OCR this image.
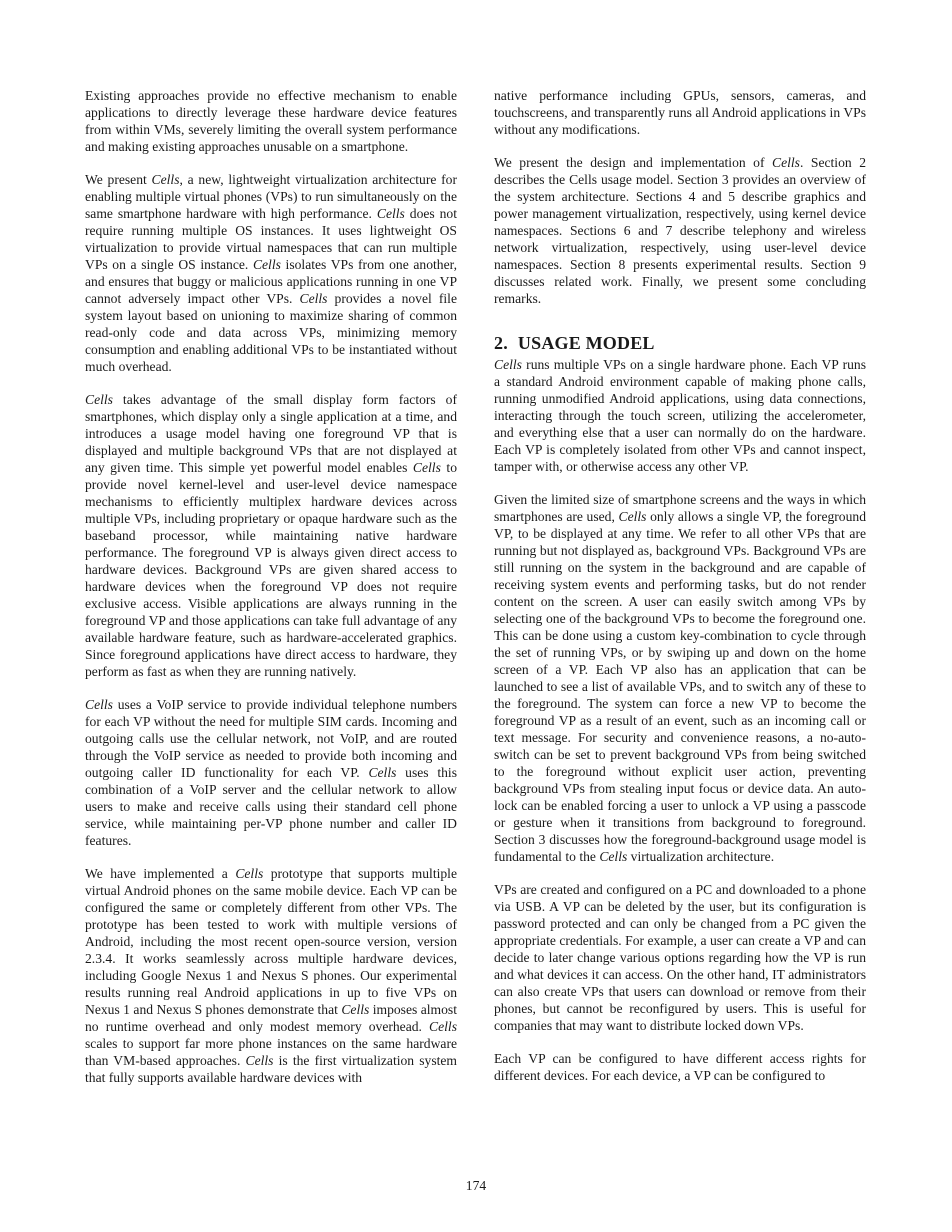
Existing approaches provide no effective mechanism to enable applications to directly leverage these hardware device features from within VMs, severely limiting the overall system performance and making existing approaches unusable on a smartphone.

We present Cells, a new, lightweight virtualization architecture for enabling multiple virtual phones (VPs) to run simultaneously on the same smartphone hardware with high performance. Cells does not require running multiple OS instances. It uses lightweight OS virtualization to provide virtual namespaces that can run multiple VPs on a single OS instance. Cells isolates VPs from one another, and ensures that buggy or malicious applications running in one VP cannot adversely impact other VPs. Cells provides a novel file system layout based on unioning to maximize sharing of common read-only code and data across VPs, minimizing memory consumption and enabling additional VPs to be instantiated without much overhead.

Cells takes advantage of the small display form factors of smartphones, which display only a single application at a time, and introduces a usage model having one foreground VP that is displayed and multiple background VPs that are not displayed at any given time. This simple yet powerful model enables Cells to provide novel kernel-level and user-level device namespace mechanisms to efficiently multiplex hardware devices across multiple VPs, including proprietary or opaque hardware such as the baseband processor, while maintaining native hardware performance. The foreground VP is always given direct access to hardware devices. Background VPs are given shared access to hardware devices when the foreground VP does not require exclusive access. Visible applications are always running in the foreground VP and those applications can take full advantage of any available hardware feature, such as hardware-accelerated graphics. Since foreground applications have direct access to hardware, they perform as fast as when they are running natively.

Cells uses a VoIP service to provide individual telephone numbers for each VP without the need for multiple SIM cards. Incoming and outgoing calls use the cellular network, not VoIP, and are routed through the VoIP service as needed to provide both incoming and outgoing caller ID functionality for each VP. Cells uses this combination of a VoIP server and the cellular network to allow users to make and receive calls using their standard cell phone service, while maintaining per-VP phone number and caller ID features.

We have implemented a Cells prototype that supports multiple virtual Android phones on the same mobile device. Each VP can be configured the same or completely different from other VPs. The prototype has been tested to work with multiple versions of Android, including the most recent open-source version, version 2.3.4. It works seamlessly across multiple hardware devices, including Google Nexus 1 and Nexus S phones. Our experimental results running real Android applications in up to five VPs on Nexus 1 and Nexus S phones demonstrate that Cells imposes almost no runtime overhead and only modest memory overhead. Cells scales to support far more phone instances on the same hardware than VM-based approaches. Cells is the first virtualization system that fully supports available hardware devices with

native performance including GPUs, sensors, cameras, and touchscreens, and transparently runs all Android applications in VPs without any modifications.

We present the design and implementation of Cells. Section 2 describes the Cells usage model. Section 3 provides an overview of the system architecture. Sections 4 and 5 describe graphics and power management virtualization, respectively, using kernel device namespaces. Sections 6 and 7 describe telephony and wireless network virtualization, respectively, using user-level device namespaces. Section 8 presents experimental results. Section 9 discusses related work. Finally, we present some concluding remarks.

2. USAGE MODEL

Cells runs multiple VPs on a single hardware phone. Each VP runs a standard Android environment capable of making phone calls, running unmodified Android applications, using data connections, interacting through the touch screen, utilizing the accelerometer, and everything else that a user can normally do on the hardware. Each VP is completely isolated from other VPs and cannot inspect, tamper with, or otherwise access any other VP.

Given the limited size of smartphone screens and the ways in which smartphones are used, Cells only allows a single VP, the foreground VP, to be displayed at any time. We refer to all other VPs that are running but not displayed as, background VPs. Background VPs are still running on the system in the background and are capable of receiving system events and performing tasks, but do not render content on the screen. A user can easily switch among VPs by selecting one of the background VPs to become the foreground one. This can be done using a custom key-combination to cycle through the set of running VPs, or by swiping up and down on the home screen of a VP. Each VP also has an application that can be launched to see a list of available VPs, and to switch any of these to the foreground. The system can force a new VP to become the foreground VP as a result of an event, such as an incoming call or text message. For security and convenience reasons, a no-auto-switch can be set to prevent background VPs from being switched to the foreground without explicit user action, preventing background VPs from stealing input focus or device data. An auto-lock can be enabled forcing a user to unlock a VP using a passcode or gesture when it transitions from background to foreground. Section 3 discusses how the foreground-background usage model is fundamental to the Cells virtualization architecture.

VPs are created and configured on a PC and downloaded to a phone via USB. A VP can be deleted by the user, but its configuration is password protected and can only be changed from a PC given the appropriate credentials. For example, a user can create a VP and can decide to later change various options regarding how the VP is run and what devices it can access. On the other hand, IT administrators can also create VPs that users can download or remove from their phones, but cannot be reconfigured by users. This is useful for companies that may want to distribute locked down VPs.

Each VP can be configured to have different access rights for different devices. For each device, a VP can be configured to

174
